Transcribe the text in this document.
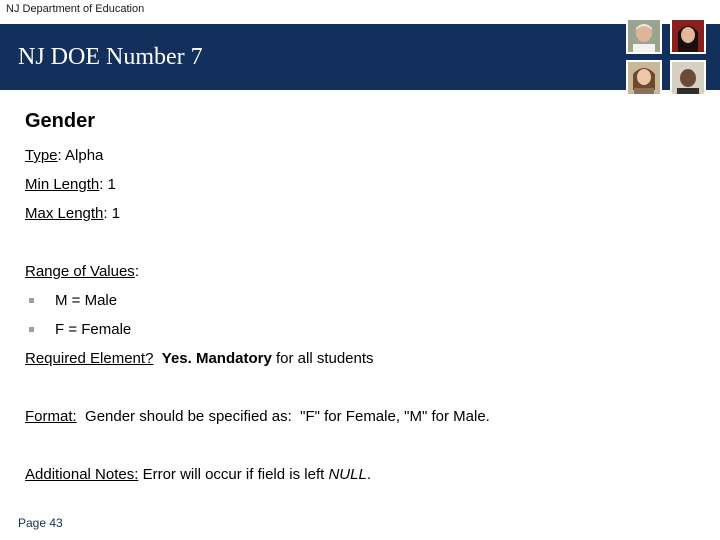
NJ Department of Education
NJ DOE Number 7
Gender
Type: Alpha
Min Length: 1
Max Length: 1
Range of Values:
M = Male
F = Female
Required Element? Yes. Mandatory for all students
Format:  Gender should be specified as:  "F" for Female, "M" for Male.
Additional Notes: Error will occur if field is left NULL.
Page 43
